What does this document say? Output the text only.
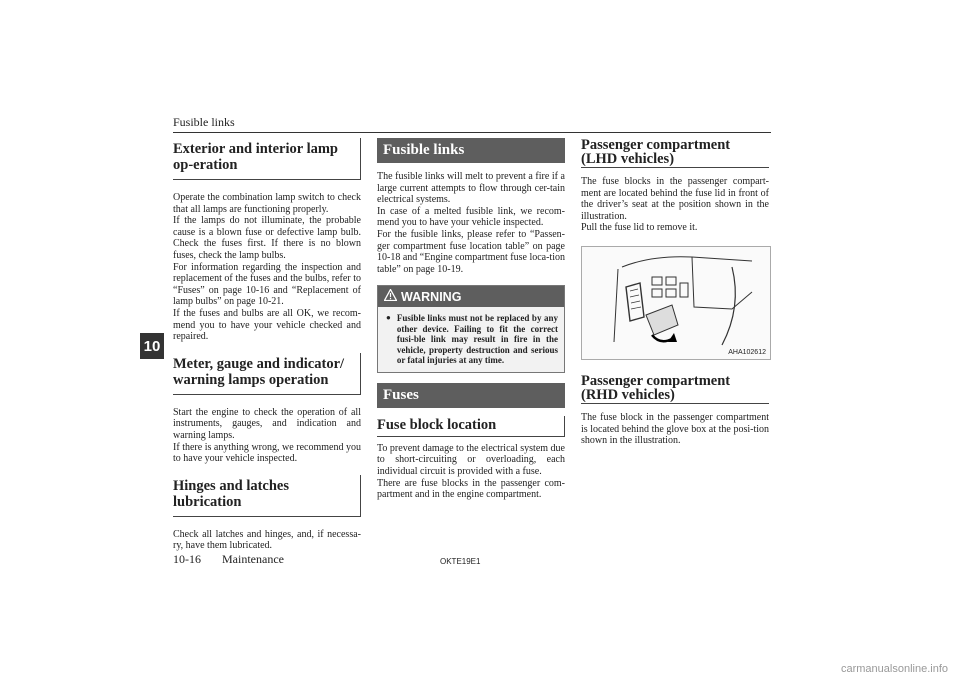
Fusible links
10
Exterior and interior lamp op-eration

Operate the combination lamp switch to check that all lamps are functioning properly.

If the lamps do not illuminate, the probable cause is a blown fuse or defective lamp bulb. Check the fuses first. If there is no blown fuses, check the lamp bulbs.

For information regarding the inspection and replacement of the fuses and the bulbs, refer to “Fuses” on page 10-16 and “Replacement of lamp bulbs” on page 10-21.

If the fuses and bulbs are all OK, we recom-mend you to have your vehicle checked and repaired.

Meter, gauge and indicator/ warning lamps operation

Start the engine to check the operation of all instruments, gauges, and indication and warning lamps.

If there is anything wrong, we recommend you to have your vehicle inspected.

Hinges and latches lubrication

Check all latches and hinges, and, if necessa-ry, have them lubricated.

Fusible links

The fusible links will melt to prevent a fire if a large current attempts to flow through cer-tain electrical systems.

In case of a melted fusible link, we recom-mend you to have your vehicle inspected.

For the fusible links, please refer to “Passen-ger compartment fuse location table” on page 10-18 and “Engine compartment fuse loca-tion table” on page 10-19.

WARNING
● Fusible links must not be replaced by any other device. Failing to fit the correct fusi-ble link may result in fire in the vehicle, property destruction and serious or fatal injuries at any time.
Fuses
Fuse block location

To prevent damage to the electrical system due to short-circuiting or overloading, each individual circuit is provided with a fuse.

There are fuse blocks in the passenger com-partment and in the engine compartment.

Passenger compartment (LHD vehicles)

The fuse blocks in the passenger compart-ment are located behind the fuse lid in front of the driver’s seat at the position shown in the illustration.

Pull the fuse lid to remove it.

AHA102612
Passenger compartment (RHD vehicles)

The fuse block in the passenger compartment is located behind the glove box at the posi-tion shown in the illustration.

10-16 Maintenance	OKTE19E1
carmanualsonline.info
